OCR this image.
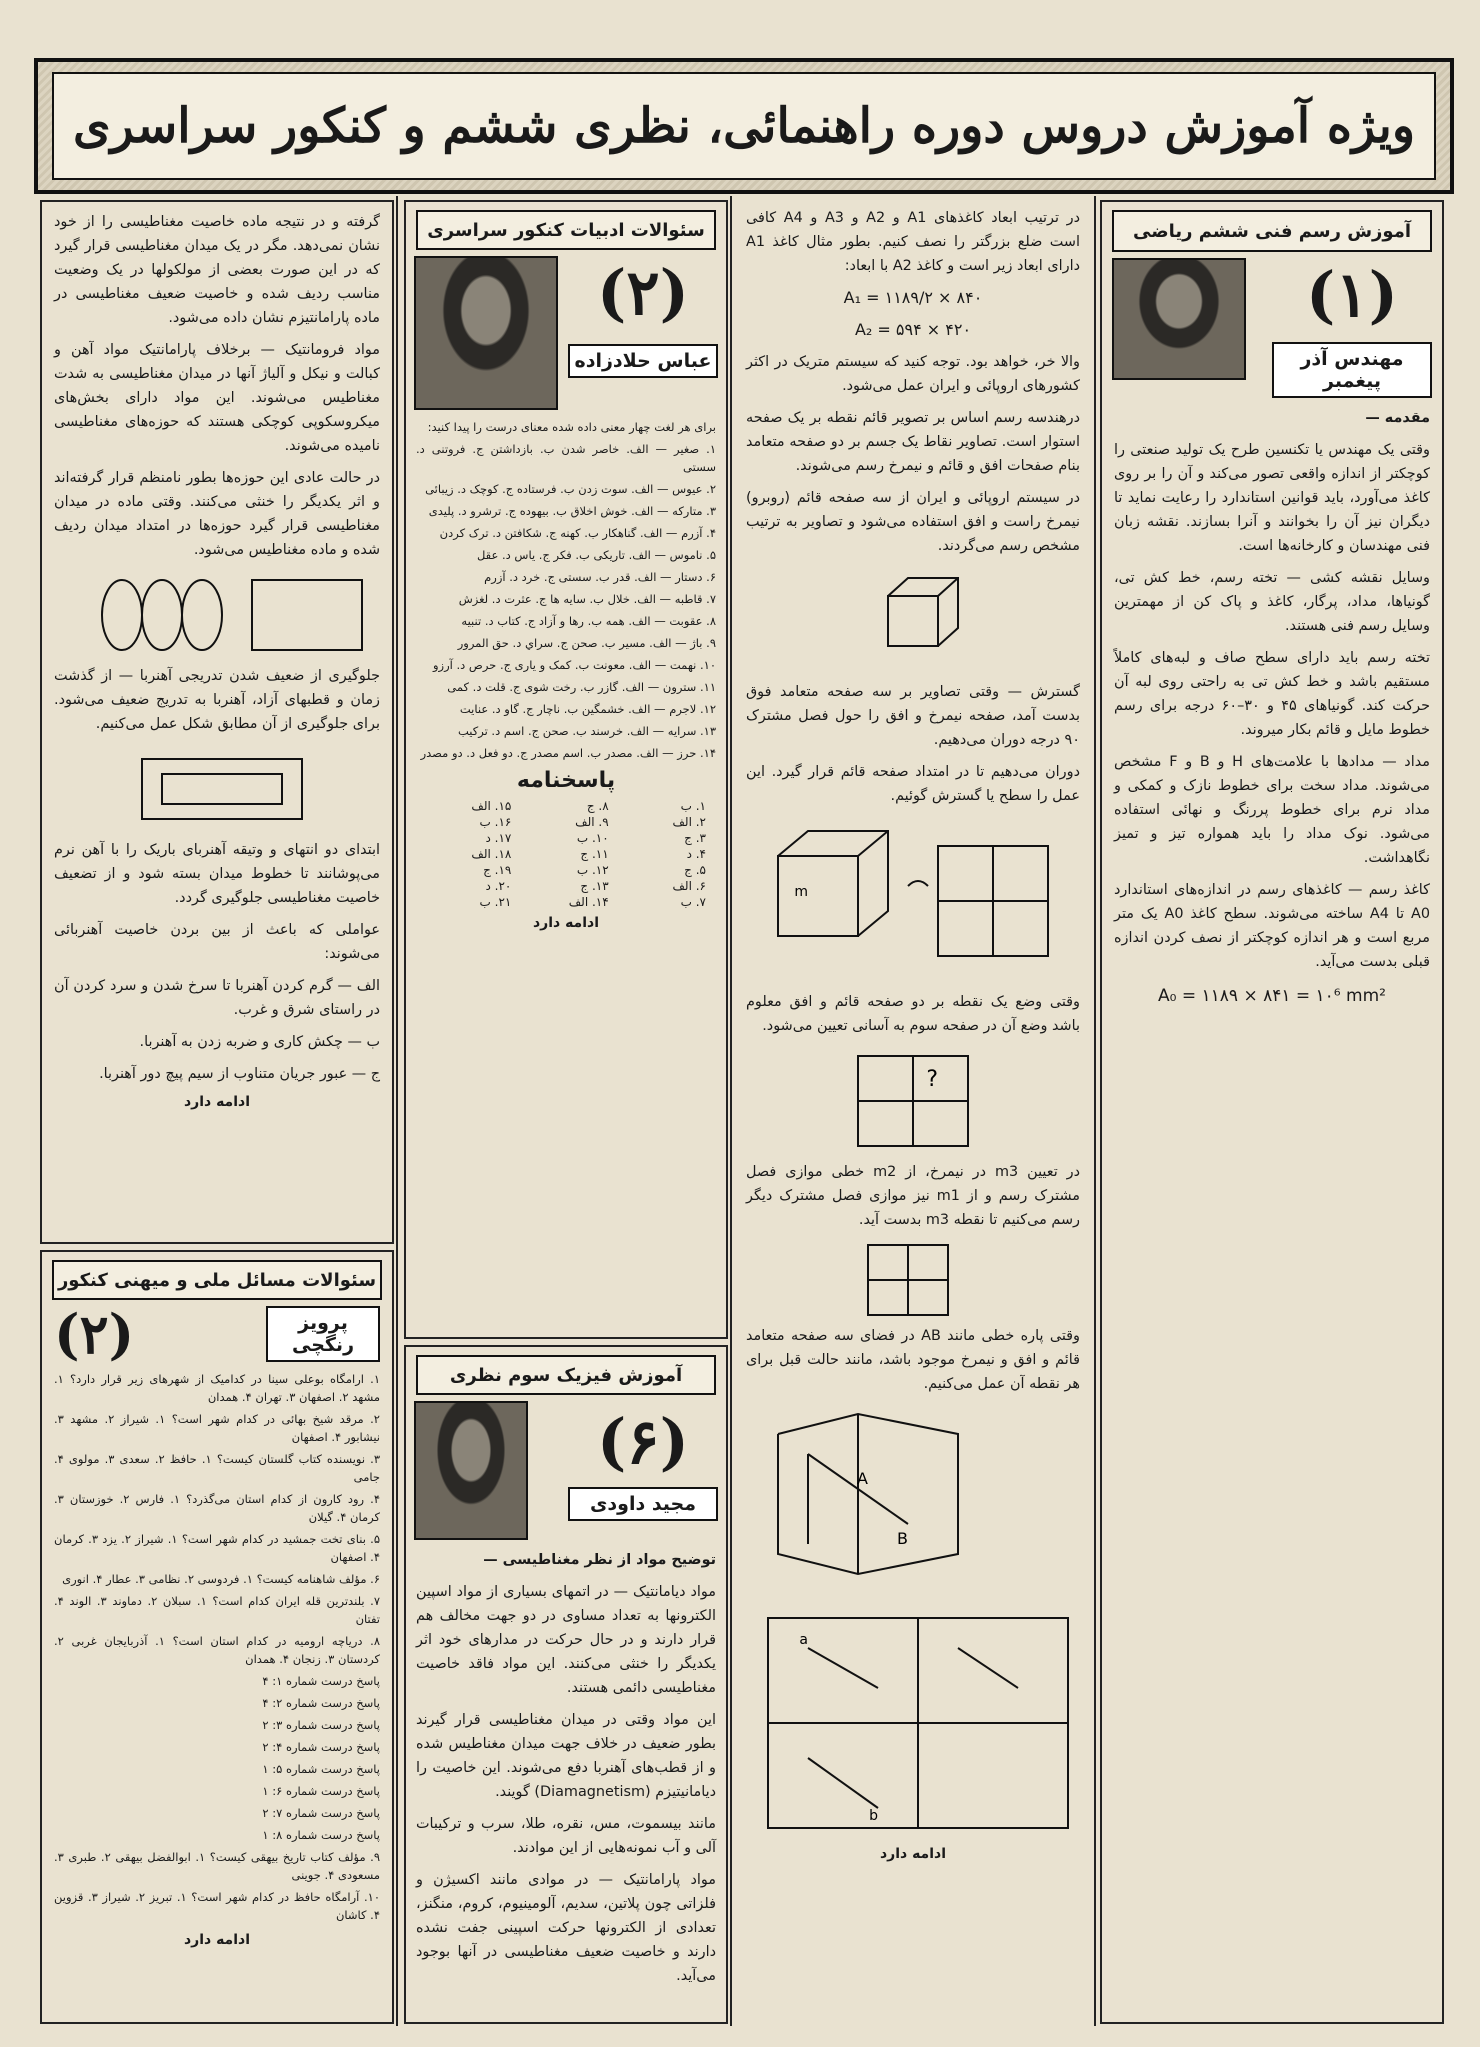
ویژه آموزش دروس دوره راهنمائی، نظری ششم و کنکور سراسری
آموزش رسم فنی ششم ریاضی
(۱)
مهندس آذر پیغمبر

مقدمه —

وقتی یک مهندس یا تکنسین طرح یک تولید صنعتی را کوچکتر از اندازه واقعی تصور می‌کند و آن را بر روی کاغذ می‌آورد، باید قوانین استاندارد را رعایت نماید تا دیگران نیز آن را بخوانند و آنرا بسازند. نقشه زبان فنی مهندسان و کارخانه‌ها است.

وسایل نقشه کشی — تخته رسم، خط کش تی، گونیاها، مداد، پرگار، کاغذ و پاک کن از مهمترین وسایل رسم فنی هستند.

تخته رسم باید دارای سطح صاف و لبه‌های کاملاً مستقیم باشد و خط کش تی به راحتی روی لبه آن حرکت کند. گونیاهای ۴۵ و ۳۰–۶۰ درجه برای رسم خطوط مایل و قائم بکار میروند.

مداد — مدادها با علامت‌های H و B و F مشخص می‌شوند. مداد سخت برای خطوط نازک و کمکی و مداد نرم برای خطوط پررنگ و نهائی استفاده می‌شود. نوک مداد را باید همواره تیز و تمیز نگاهداشت.

کاغذ رسم — کاغذهای رسم در اندازه‌های استاندارد A0 تا A4 ساخته می‌شوند. سطح کاغذ A0 یک متر مربع است و هر اندازه کوچکتر از نصف کردن اندازه قبلی بدست می‌آید.

A₀ = ۱۱۸۹ × ۸۴۱ = ۱۰⁶ mm²

در ترتیب ابعاد کاغذهای A1 و A2 و A3 و A4 کافی است ضلع بزرگتر را نصف کنیم. بطور مثال کاغذ A1 دارای ابعاد زیر است و کاغذ A2 با ابعاد:

A₁ = ۱۱۸۹/۲ × ۸۴۰

A₂ = ۵۹۴ × ۴۲۰

والا خر، خواهد بود. توجه کنید که سیستم متریک در اکثر کشورهای اروپائی و ایران عمل می‌شود.

درهندسه رسم اساس بر تصویر قائم نقطه بر یک صفحه استوار است. تصاویر نقاط یک جسم بر دو صفحه متعامد بنام صفحات افق و قائم و نیمرخ رسم می‌شوند.

در سیستم اروپائی و ایران از سه صفحه قائم (روبرو) نیمرخ راست و افق استفاده می‌شود و تصاویر به ترتیب مشخص رسم می‌گردند.

گسترش — وقتی تصاویر بر سه صفحه متعامد فوق بدست آمد، صفحه نیمرخ و افق را حول فصل مشترک ۹۰ درجه دوران می‌دهیم.

دوران می‌دهیم تا در امتداد صفحه قائم قرار گیرد. این عمل را سطح یا گسترش گوئیم.

m

وقتی وضع یک نقطه بر دو صفحه قائم و افق معلوم باشد وضع آن در صفحه سوم به آسانی تعیین می‌شود.

?

در تعیین m3 در نیمرخ، از m2 خطی موازی فصل مشترک رسم و از m1 نیز موازی فصل مشترک دیگر رسم می‌کنیم تا نقطه m3 بدست آید.

وقتی پاره خطی مانند AB در فضای سه صفحه متعامد قائم و افق و نیمرخ موجود باشد، مانند حالت قبل برای هر نقطه آن عمل می‌کنیم.

A
B

a
b
ادامه دارد
سئوالات ادبیات کنکور سراسری
(۲)
عباس حلادزاده

برای هر لغت چهار معنی داده شده معنای درست را پیدا کنید:

۱. صغیر — الف. خاصر شدن ب. بازداشتن ج. فروتنی د. سستی

۲. عیوس — الف. سوت زدن ب. فرستاده ج. کوچک د. زیبائی

۳. متارکه — الف. خوش اخلاق ب. بیهوده ج. ترشرو د. پلیدی

۴. آزرم — الف. گناهکار ب. کهنه ج. شکافتن د. ترک کردن

۵. ناموس — الف. تاریکی ب. فکر ج. یاس د. عقل

۶. دستار — الف. قدر ب. سستی ج. خرد د. آزرم

۷. قاطبه — الف. خلال ب. سایه ها ج. عثرت د. لغزش

۸. عقوبت — الف. همه ب. رها و آزاد ج. کتاب د. تنبیه

۹. باژ — الف. مسیر ب. صحن ج. سراي د. حق المرور

۱۰. نهمت — الف. معونت ب. کمک و یاری ج. حرص د. آرزو

۱۱. سترون — الف. گازر ب. رخت شوی ج. قلت د. کمی

۱۲. لاجرم — الف. خشمگین ب. ناچار ج. گاو د. عنایت

۱۳. سرایه — الف. خرسند ب. صحن ج. اسم د. ترکیب

۱۴. حرز — الف. مصدر ب. اسم مصدر ج. دو فعل د. دو مصدر

پاسخنامه
۱. ب
۸. ج
۱۵. الف
۲. الف
۹. الف
۱۶. ب
۳. ج
۱۰. ب
۱۷. د
۴. د
۱۱. ج
۱۸. الف
۵. ج
۱۲. ب
۱۹. ج
۶. الف
۱۳. ج
۲۰. د
۷. ب
۱۴. الف
۲۱. ب
ادامه دارد
آموزش فیزیک سوم نظری
(۶)
مجید داودی

توضیح مواد از نظر مغناطیسی —

مواد دیامانتیک — در اتمهای بسیاری از مواد اسپین الکترونها به تعداد مساوی در دو جهت مخالف هم قرار دارند و در حال حرکت در مدارهای خود اثر یکدیگر را خنثی می‌کنند. این مواد فاقد خاصیت مغناطیسی دائمی هستند.

این مواد وقتی در میدان مغناطیسی قرار گیرند بطور ضعیف در خلاف جهت میدان مغناطیس شده و از قطب‌های آهنربا دفع می‌شوند. این خاصیت را دیامانیتیزم (Diamagnetism) گویند.

مانند بیسموت، مس، نقره، طلا، سرب و ترکیبات آلی و آب نمونه‌هایی از این موادند.

مواد پارامانتیک — در موادی مانند اکسیژن و فلزاتی چون پلاتین، سدیم، آلومینیوم، کروم، منگنز، تعدادی از الکترونها حرکت اسپینی جفت نشده دارند و خاصیت ضعیف مغناطیسی در آنها بوجود می‌آید.

گرفته و در نتیجه ماده خاصیت مغناطیسی را از خود نشان نمی‌دهد. مگر در یک میدان مغناطیسی قرار گیرد که در این صورت بعضی از مولکولها در یک وضعیت مناسب ردیف شده و خاصیت ضعیف مغناطیسی در ماده پارامانتیزم نشان داده می‌شود.

مواد فرومانتیک — برخلاف پارامانتیک مواد آهن و کبالت و نیکل و آلیاژ آنها در میدان مغناطیسی به شدت مغناطیس می‌شوند. این مواد دارای بخش‌های میکروسکوپی کوچکی هستند که حوزه‌های مغناطیسی نامیده می‌شوند.

در حالت عادی این حوزه‌ها بطور نامنظم قرار گرفته‌اند و اثر یکدیگر را خنثی می‌کنند. وقتی ماده در میدان مغناطیسی قرار گیرد حوزه‌ها در امتداد میدان ردیف شده و ماده مغناطیس می‌شود.

جلوگیری از ضعیف شدن تدریجی آهنربا — از گذشت زمان و قطبهای آزاد، آهنربا به تدریج ضعیف می‌شود. برای جلوگیری از آن مطابق شکل عمل می‌کنیم.

ابتدای دو انتهای و وتیقه آهنربای باریک را با آهن نرم می‌پوشانند تا خطوط میدان بسته شود و از تضعیف خاصیت مغناطیسی جلوگیری گردد.

عواملی که باعث از بین بردن خاصیت آهنربائی می‌شوند:

الف — گرم کردن آهنربا تا سرخ شدن و سرد کردن آن در راستای شرق و غرب.

ب — چکش کاری و ضربه زدن به آهنربا.

ج — عبور جریان متناوب از سیم پیچ دور آهنربا.

ادامه دارد
سئوالات مسائل ملی و میهنی کنکور
پرویز رنگچی
(۲)

۱. ارامگاه بوعلی سینا در کدامیک از شهرهای زیر قرار دارد؟ ۱. مشهد ۲. اصفهان ۳. تهران ۴. همدان

۲. مرقد شیخ بهائی در کدام شهر است؟ ۱. شیراز ۲. مشهد ۳. نیشابور ۴. اصفهان

۳. نویسنده کتاب گلستان کیست؟ ۱. حافظ ۲. سعدی ۳. مولوی ۴. جامی

۴. رود کارون از کدام استان می‌گذرد؟ ۱. فارس ۲. خوزستان ۳. کرمان ۴. گیلان

۵. بنای تخت جمشید در کدام شهر است؟ ۱. شیراز ۲. یزد ۳. کرمان ۴. اصفهان

۶. مؤلف شاهنامه کیست؟ ۱. فردوسی ۲. نظامی ۳. عطار ۴. انوری

۷. بلندترین قله ایران کدام است؟ ۱. سبلان ۲. دماوند ۳. الوند ۴. تفتان

۸. دریاچه ارومیه در کدام استان است؟ ۱. آذربایجان غربی ۲. کردستان ۳. زنجان ۴. همدان

پاسخ درست شماره ۱: ۴

پاسخ درست شماره ۲: ۴

پاسخ درست شماره ۳: ۲

پاسخ درست شماره ۴: ۲

پاسخ درست شماره ۵: ۱

پاسخ درست شماره ۶: ۱

پاسخ درست شماره ۷: ۲

پاسخ درست شماره ۸: ۱

۹. مؤلف کتاب تاریخ بیهقی کیست؟ ۱. ابوالفضل بیهقی ۲. طبری ۳. مسعودی ۴. جوینی

۱۰. آرامگاه حافظ در کدام شهر است؟ ۱. تبریز ۲. شیراز ۳. قزوین ۴. کاشان

ادامه دارد
